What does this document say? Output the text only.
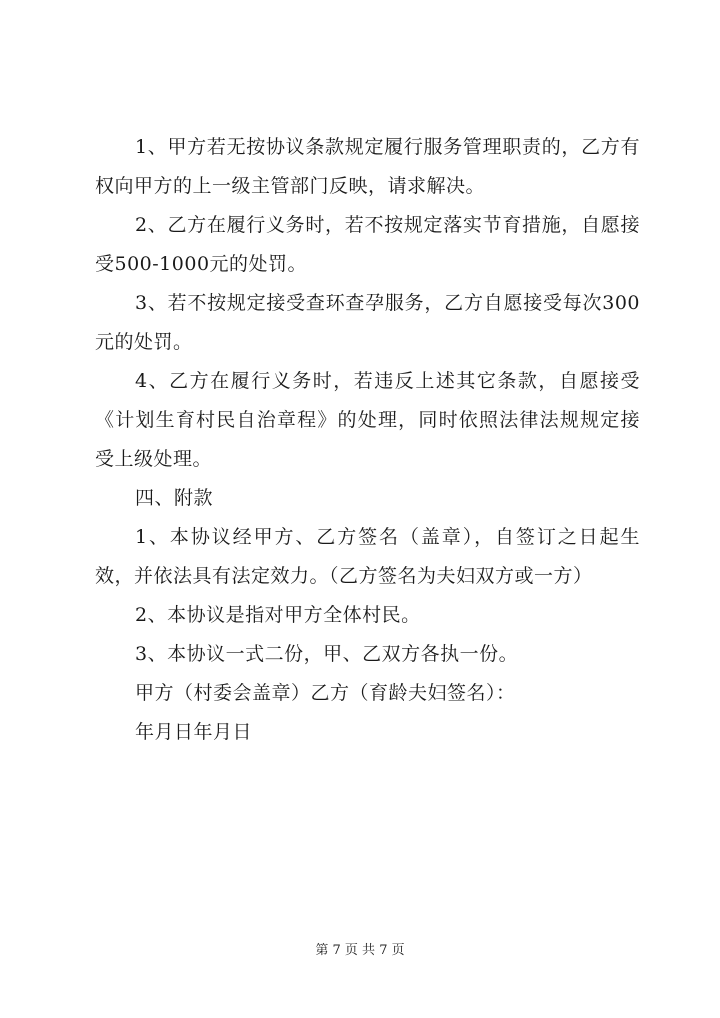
1、甲方若无按协议条款规定履行服务管理职责的，乙方有权向甲方的上一级主管部门反映，请求解决。

2、乙方在履行义务时，若不按规定落实节育措施，自愿接受500-1000元的处罚。

3、若不按规定接受查环查孕服务，乙方自愿接受每次300元的处罚。

4、乙方在履行义务时，若违反上述其它条款，自愿接受《计划生育村民自治章程》的处理，同时依照法律法规规定接受上级处理。

四、附款

1、本协议经甲方、乙方签名（盖章），自签订之日起生效，并依法具有法定效力。（乙方签名为夫妇双方或一方）

2、本协议是指对甲方全体村民。

3、本协议一式二份，甲、乙双方各执一份。

甲方（村委会盖章）乙方（育龄夫妇签名）：

年月日年月日

第 7 页 共 7 页
